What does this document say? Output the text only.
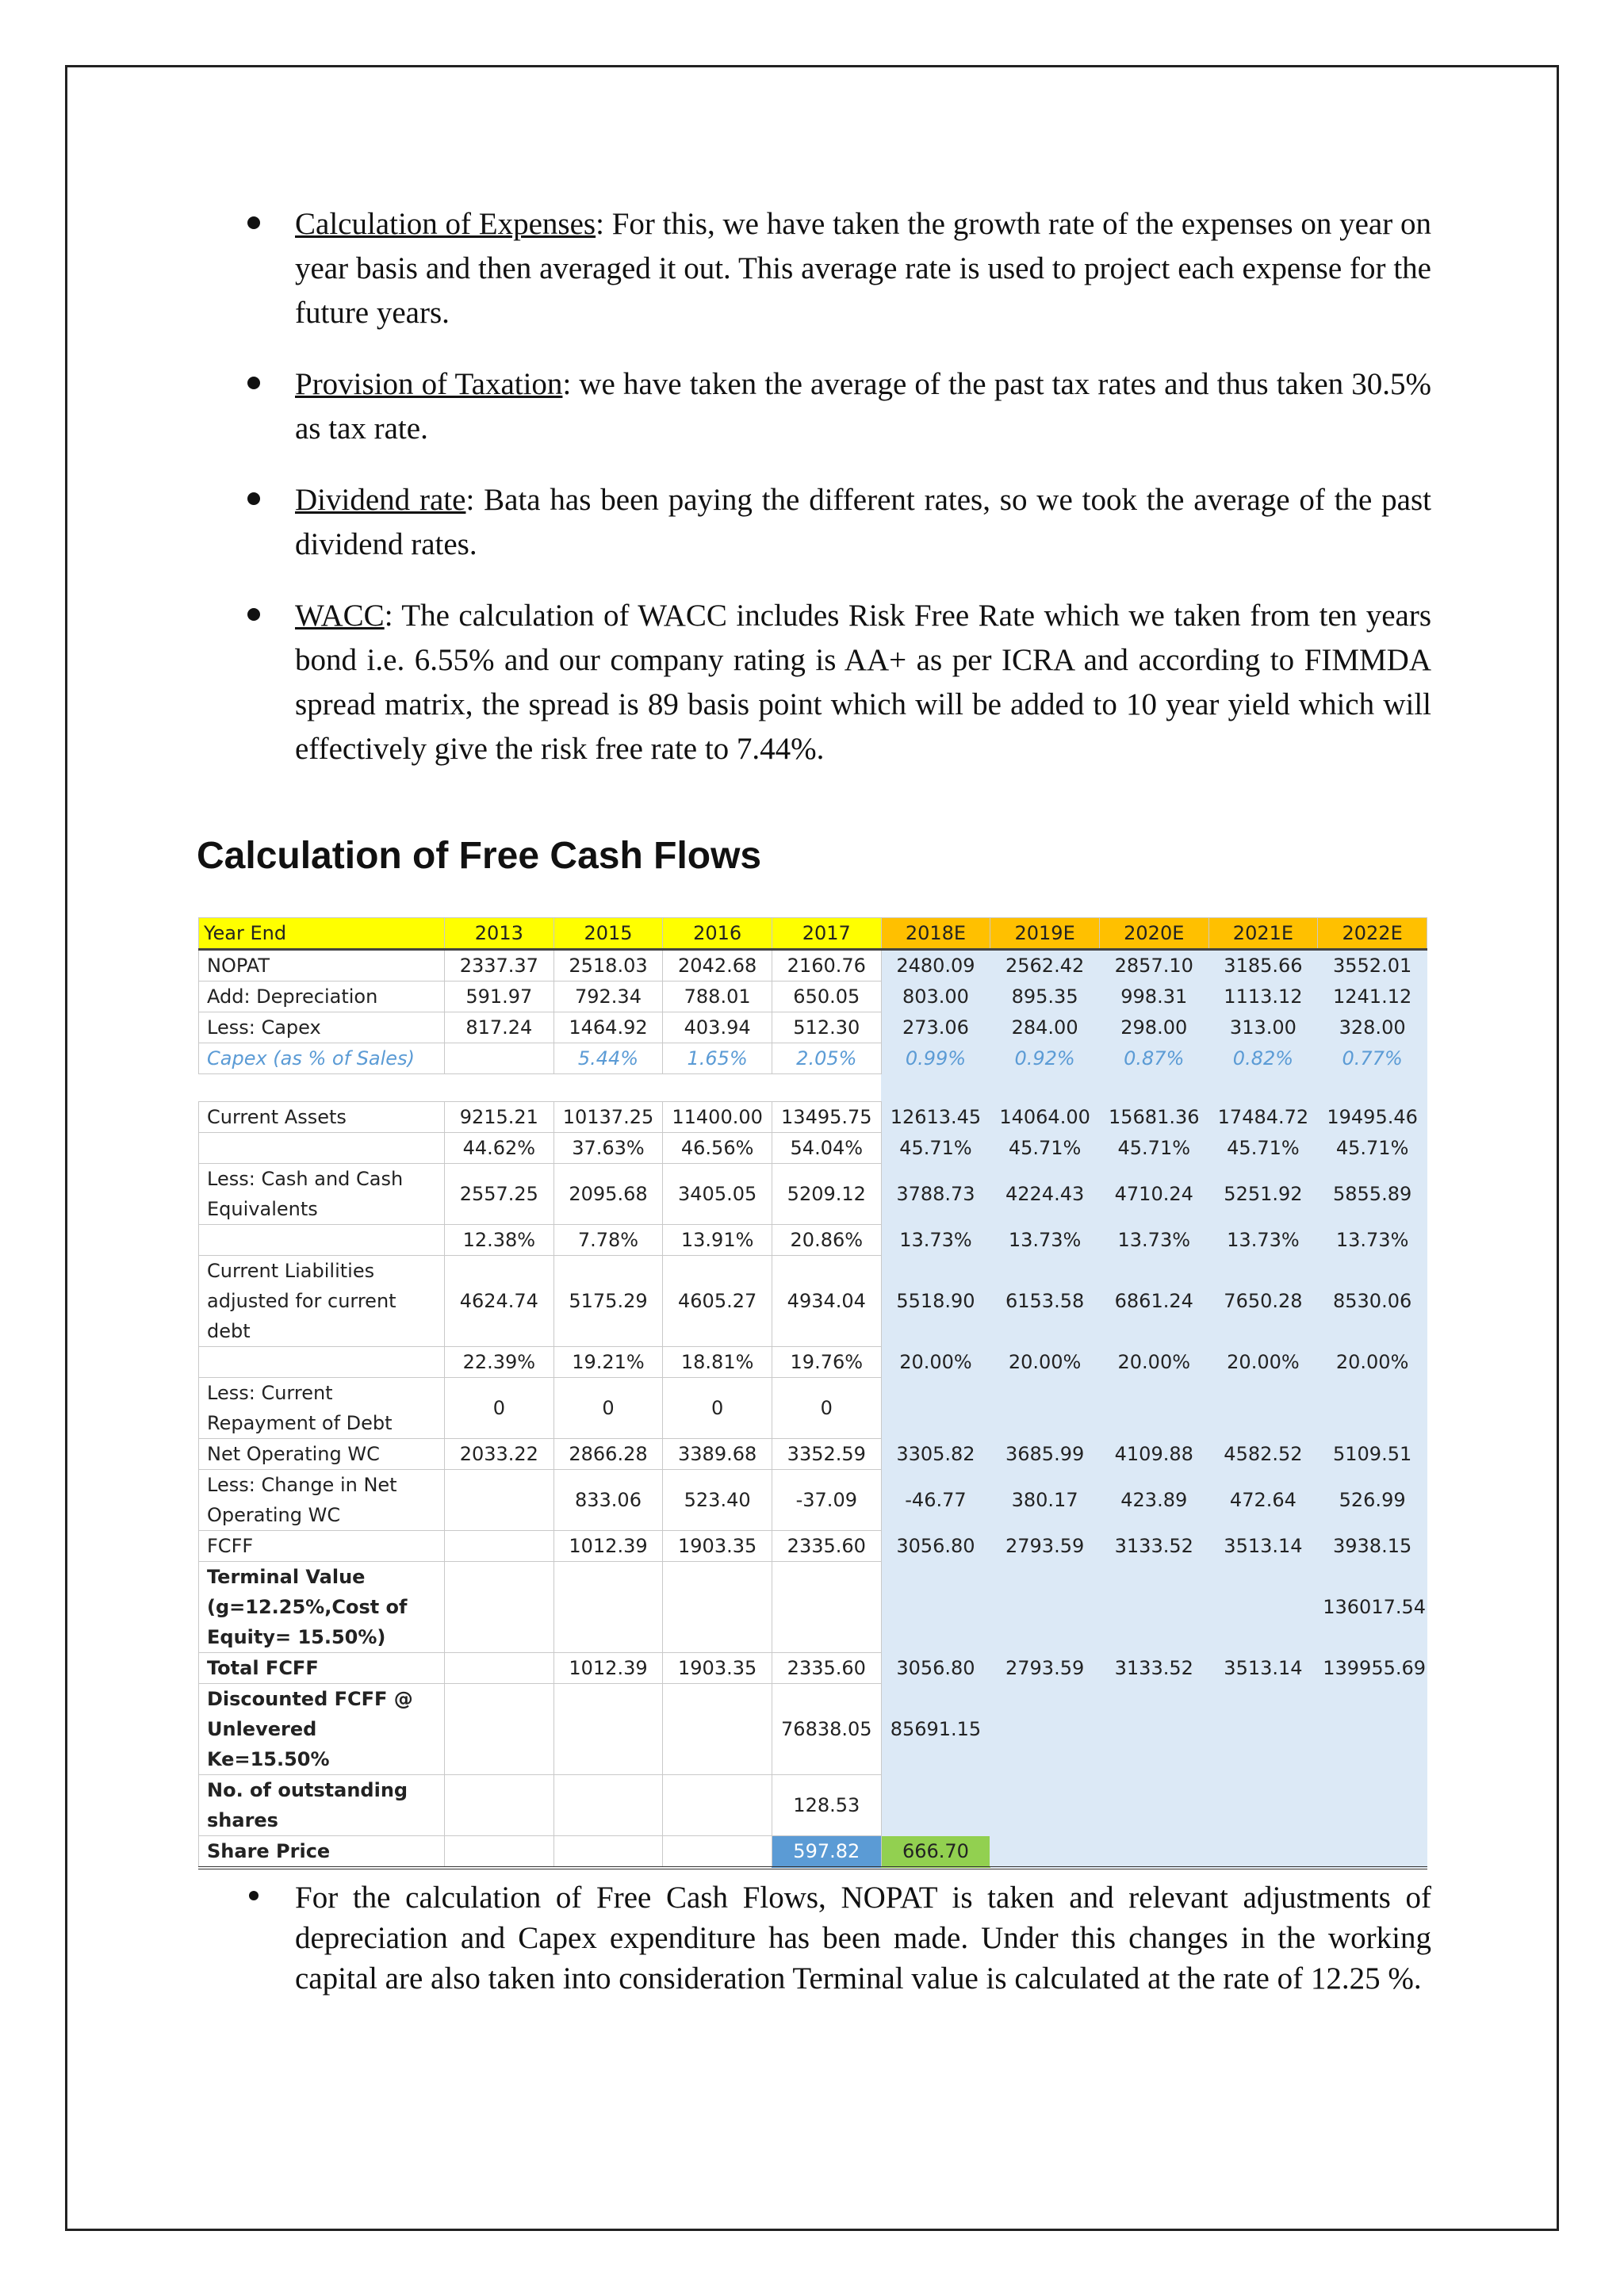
Calculation of Expenses: For this, we have taken the growth rate of the expenses on year on year basis and then averaged it out. This average rate is used to project each expense for the future years.
Provision of Taxation: we have taken the average of the past tax rates and thus taken 30.5% as tax rate.
Dividend rate: Bata has been paying the different rates, so we took the average of the past dividend rates.
WACC: The calculation of WACC includes Risk Free Rate which we taken from ten years bond i.e. 6.55% and our company rating is AA+ as per ICRA and according to FIMMDA spread matrix, the spread is 89 basis point which will be added to 10 year yield which will effectively give the risk free rate to 7.44%.
Calculation of Free Cash Flows
Year End	2013	2015	2016	2017	2018E	2019E	2020E	2021E	2022E
NOPAT	2337.37	2518.03	2042.68	2160.76	2480.09	2562.42	2857.10	3185.66	3552.01
Add: Depreciation	591.97	792.34	788.01	650.05	803.00	895.35	998.31	1113.12	1241.12
Less: Capex	817.24	1464.92	403.94	512.30	273.06	284.00	298.00	313.00	328.00
Capex (as % of Sales)		5.44%	1.65%	2.05%	0.99%	0.92%	0.87%	0.82%	0.77%

Current Assets	9215.21	10137.25	11400.00	13495.75	12613.45	14064.00	15681.36	17484.72	19495.46
	44.62%	37.63%	46.56%	54.04%	45.71%	45.71%	45.71%	45.71%	45.71%
Less: Cash and Cash Equivalents	2557.25	2095.68	3405.05	5209.12	3788.73	4224.43	4710.24	5251.92	5855.89
	12.38%	7.78%	13.91%	20.86%	13.73%	13.73%	13.73%	13.73%	13.73%
Current Liabilities adjusted for current debt	4624.74	5175.29	4605.27	4934.04	5518.90	6153.58	6861.24	7650.28	8530.06
	22.39%	19.21%	18.81%	19.76%	20.00%	20.00%	20.00%	20.00%	20.00%
Less: Current Repayment of Debt	0	0	0	0					
Net Operating WC	2033.22	2866.28	3389.68	3352.59	3305.82	3685.99	4109.88	4582.52	5109.51
Less: Change in Net Operating WC		833.06	523.40	-37.09	-46.77	380.17	423.89	472.64	526.99
FCFF		1012.39	1903.35	2335.60	3056.80	2793.59	3133.52	3513.14	3938.15
Terminal Value (g=12.25%,Cost of Equity= 15.50%)									136017.54
Total FCFF		1012.39	1903.35	2335.60	3056.80	2793.59	3133.52	3513.14	139955.69
Discounted FCFF @ Unlevered Ke=15.50%				76838.05	85691.15				
No. of outstanding shares				128.53					
Share Price				597.82	666.70				
For the calculation of Free Cash Flows, NOPAT is taken and relevant adjustments of depreciation and Capex expenditure has been made. Under this changes in the working capital are also taken into consideration Terminal value is calculated at the rate of 12.25 %.
